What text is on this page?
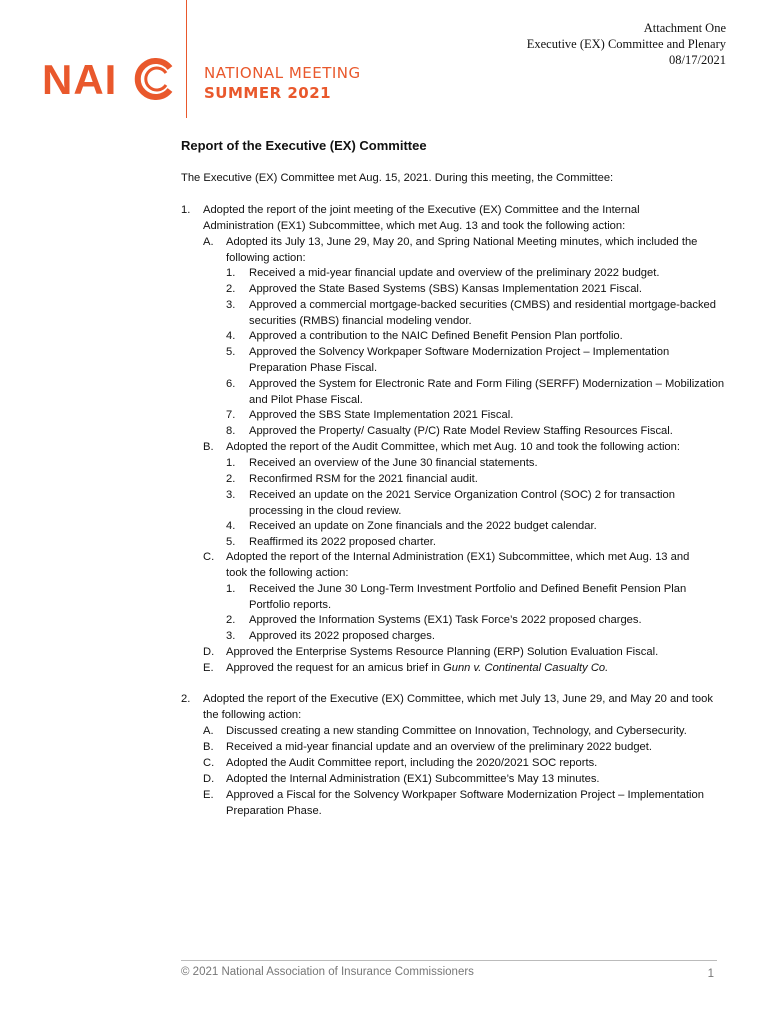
Attachment One
Executive (EX) Committee and Plenary
08/17/2021
NAI	NATIONAL MEETING
SUMMER 2021
Report of the Executive (EX) Committee
The Executive (EX) Committee met Aug. 15, 2021. During this meeting, the Committee:
1. Adopted the report of the joint meeting of the Executive (EX) Committee and the Internal
Administration (EX1) Subcommittee, which met Aug. 13 and took the following action:
A. Adopted its July 13, June 29, May 20, and Spring National Meeting minutes, which included the
following action:
1. Received a mid-year financial update and overview of the preliminary 2022 budget.
2. Approved the State Based Systems (SBS) Kansas Implementation 2021 Fiscal.
3. Approved a commercial mortgage-backed securities (CMBS) and residential mortgage-backed
securities (RMBS) financial modeling vendor.
4. Approved a contribution to the NAIC Defined Benefit Pension Plan portfolio.
5. Approved the Solvency Workpaper Software Modernization Project – Implementation
Preparation Phase Fiscal.
6. Approved the System for Electronic Rate and Form Filing (SERFF) Modernization – Mobilization
and Pilot Phase Fiscal.
7. Approved the SBS State Implementation 2021 Fiscal.
8. Approved the Property/ Casualty (P/C) Rate Model Review Staffing Resources Fiscal.
B. Adopted the report of the Audit Committee, which met Aug. 10 and took the following action:
1. Received an overview of the June 30 financial statements.
2. Reconfirmed RSM for the 2021 financial audit.
3. Received an update on the 2021 Service Organization Control (SOC) 2 for transaction
processing in the cloud review.
4. Received an update on Zone financials and the 2022 budget calendar.
5. Reaffirmed its 2022 proposed charter.
C. Adopted the report of the Internal Administration (EX1) Subcommittee, which met Aug. 13 and
took the following action:
1. Received the June 30 Long-Term Investment Portfolio and Defined Benefit Pension Plan
Portfolio reports.
2. Approved the Information Systems (EX1) Task Force’s 2022 proposed charges.
3. Approved its 2022 proposed charges.
D. Approved the Enterprise Systems Resource Planning (ERP) Solution Evaluation Fiscal.
E. Approved the request for an amicus brief in Gunn v. Continental Casualty Co.
2. Adopted the report of the Executive (EX) Committee, which met July 13, June 29, and May 20 and took
the following action:
A. Discussed creating a new standing Committee on Innovation, Technology, and Cybersecurity.
B. Received a mid-year financial update and an overview of the preliminary 2022 budget.
C. Adopted the Audit Committee report, including the 2020/2021 SOC reports.
D. Adopted the Internal Administration (EX1) Subcommittee’s May 13 minutes.
E. Approved a Fiscal for the Solvency Workpaper Software Modernization Project – Implementation
Preparation Phase.
© 2021 National Association of Insurance Commissioners	1
